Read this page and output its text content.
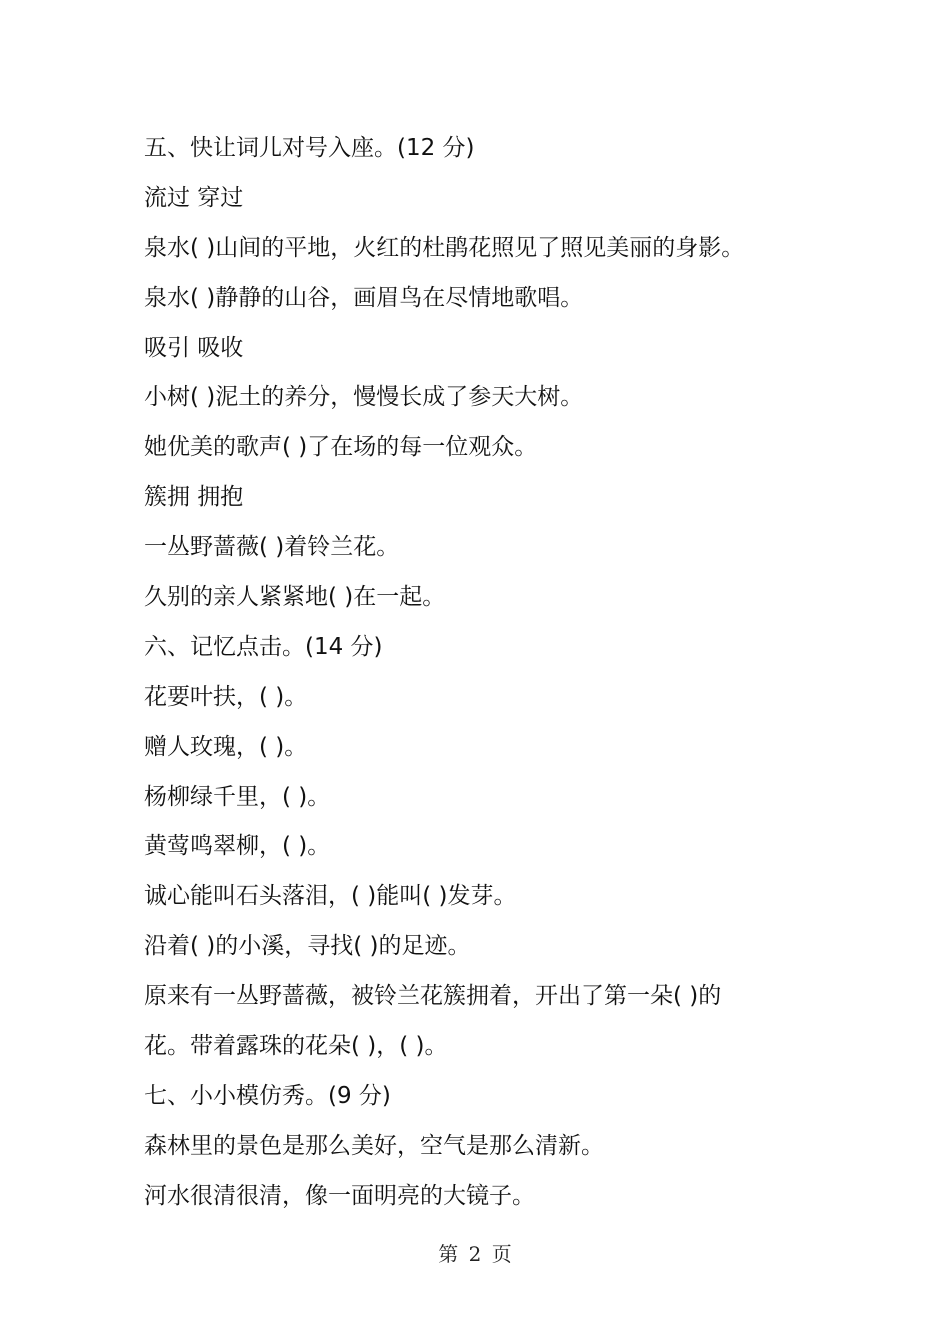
五、快让词儿对号入座。(12 分)
流过 穿过
泉水( )山间的平地，火红的杜鹃花照见了照见美丽的身影。
泉水( )静静的山谷，画眉鸟在尽情地歌唱。
吸引 吸收
小树( )泥土的养分，慢慢长成了参天大树。
她优美的歌声( )了在场的每一位观众。
簇拥 拥抱
一丛野蔷薇( )着铃兰花。
久别的亲人紧紧地( )在一起。
六、记忆点击。(14 分)
花要叶扶，( )。
赠人玫瑰，( )。
杨柳绿千里，( )。
黄莺鸣翠柳，( )。
诚心能叫石头落泪，( )能叫( )发芽。
沿着( )的小溪，寻找( )的足迹。
原来有一丛野蔷薇，被铃兰花簇拥着，开出了第一朵( )的
花。带着露珠的花朵( )，( )。
七、小小模仿秀。(9 分)
森林里的景色是那么美好，空气是那么清新。
河水很清很清，像一面明亮的大镜子。
第 2 页
